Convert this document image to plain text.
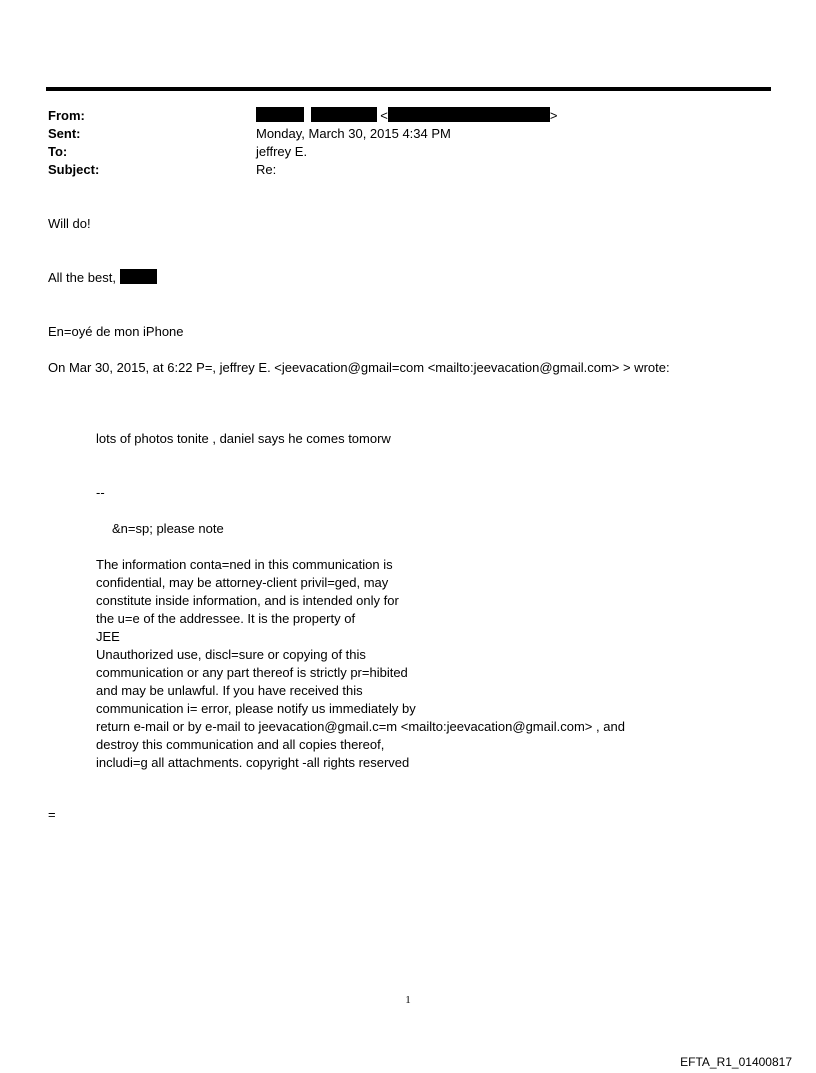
From:	<	>
Sent:	Monday, March 30, 2015 4:34 PM
To:	jeffrey E.
Subject:	Re:
Will do!
All the best,
En=oyé de mon iPhone
On Mar 30, 2015, at 6:22 P=, jeffrey E. <jeevacation@gmail=com <mailto:jeevacation@gmail.com> > wrote:
lots of photos tonite , daniel says he comes tomorw
--
&n=sp; please note
The information conta=ned in this communication is
confidential, may be attorney-client privil=ged, may
constitute inside information, and is intended only for
the u=e of the addressee. It is the property of
JEE
Unauthorized use, discl=sure or copying of this
communication or any part thereof is strictly pr=hibited
and may be unlawful. If you have received this
communication i= error, please notify us immediately by
return e-mail or by e-mail to jeevacation@gmail.c=m <mailto:jeevacation@gmail.com> , and
destroy this communication and all copies thereof,
includi=g all attachments. copyright -all rights reserved
=
1
EFTA_R1_01400817
